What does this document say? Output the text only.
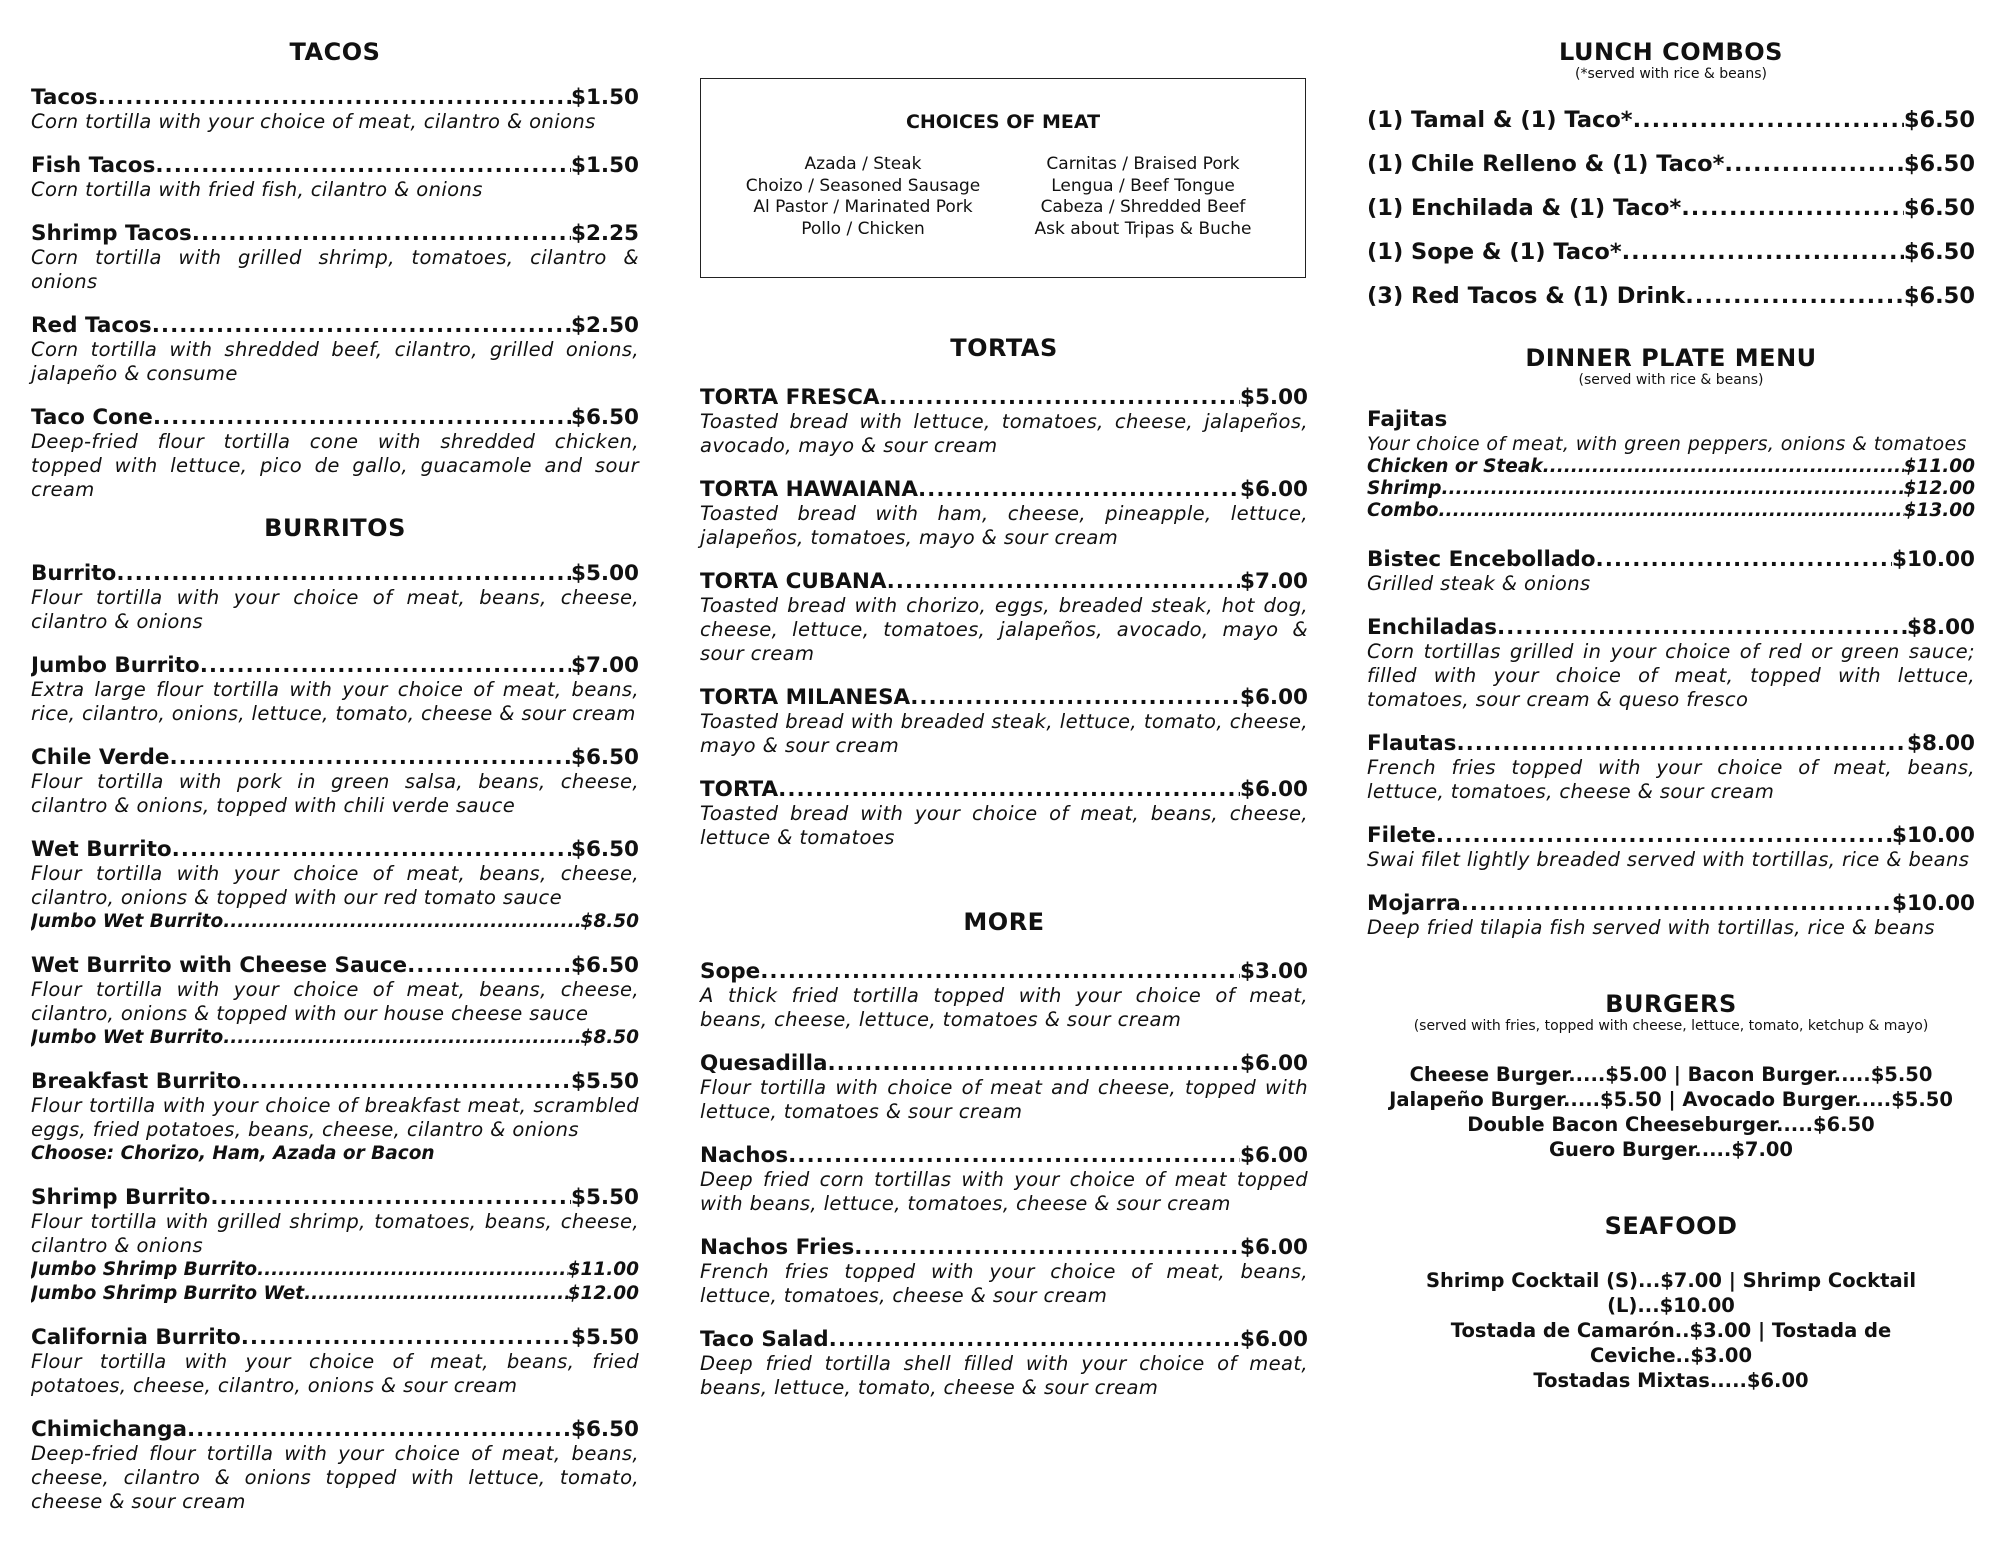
TACOS
Tacos .....	$1.50
Corn tortilla with your choice of meat, cilantro & onions
Fish Tacos .....	$1.50
Corn tortilla with fried fish, cilantro & onions
Shrimp Tacos .....	$2.25
Corn tortilla with grilled shrimp, tomatoes, cilantro & onions
Red Tacos .....	$2.50
Corn tortilla with shredded beef, cilantro, grilled onions, jalapeño & consume
Taco Cone .....	$6.50
Deep-fried flour tortilla cone with shredded chicken, topped with lettuce, pico de gallo, guacamole and sour cream
BURRITOS
Burrito .....	$5.00
Flour tortilla with your choice of meat, beans, cheese, cilantro & onions
Jumbo Burrito .....	$7.00
Extra large flour tortilla with your choice of meat, beans, rice, cilantro, onions, lettuce, tomato, cheese & sour cream
Chile Verde .....	$6.50
Flour tortilla with pork in green salsa, beans, cheese, cilantro & onions, topped with chili verde sauce
Wet Burrito .....	$6.50
Flour tortilla with your choice of meat, beans, cheese, cilantro, onions & topped with our red tomato sauce
Jumbo Wet Burrito .....	$8.50
Wet Burrito with Cheese Sauce .....	$6.50
Flour tortilla with your choice of meat, beans, cheese, cilantro, onions & topped with our house cheese sauce
Jumbo Wet Burrito .....	$8.50
Breakfast Burrito .....	$5.50
Flour tortilla with your choice of breakfast meat, scrambled eggs, fried potatoes, beans, cheese, cilantro & onions
Choose: Chorizo, Ham, Azada or Bacon
Shrimp Burrito .....	$5.50
Flour tortilla with grilled shrimp, tomatoes, beans, cheese, cilantro & onions
Jumbo Shrimp Burrito .....	$11.00
Jumbo Shrimp Burrito Wet .....	$12.00
California Burrito .....	$5.50
Flour tortilla with your choice of meat, beans, fried potatoes, cheese, cilantro, onions & sour cream
Chimichanga .....	$6.50
Deep-fried flour tortilla with your choice of meat, beans, cheese, cilantro & onions topped with lettuce, tomato, cheese & sour cream
CHOICES OF MEAT
Azada / Steak
Choizo / Seasoned Sausage
Al Pastor / Marinated Pork
Pollo / Chicken
Carnitas / Braised Pork
Lengua / Beef Tongue
Cabeza / Shredded Beef
Ask about Tripas & Buche
TORTAS
TORTA FRESCA .....	$5.00
Toasted bread with lettuce, tomatoes, cheese, jalapeños, avocado, mayo & sour cream
TORTA HAWAIANA .....	$6.00
Toasted bread with ham, cheese, pineapple, lettuce, jalapeños, tomatoes, mayo & sour cream
TORTA CUBANA .....	$7.00
Toasted bread with chorizo, eggs, breaded steak, hot dog, cheese, lettuce, tomatoes, jalapeños, avocado, mayo & sour cream
TORTA MILANESA .....	$6.00
Toasted bread with breaded steak, lettuce, tomato, cheese, mayo & sour cream
TORTA .....	$6.00
Toasted bread with your choice of meat, beans, cheese, lettuce & tomatoes
MORE
Sope .....	$3.00
A thick fried tortilla topped with your choice of meat, beans, cheese, lettuce, tomatoes & sour cream
Quesadilla .....	$6.00
Flour tortilla with choice of meat and cheese, topped with lettuce, tomatoes & sour cream
Nachos .....	$6.00
Deep fried corn tortillas with your choice of meat topped with beans, lettuce, tomatoes, cheese & sour cream
Nachos Fries .....	$6.00
French fries topped with your choice of meat, beans, lettuce, tomatoes, cheese & sour cream
Taco Salad .....	$6.00
Deep fried tortilla shell filled with your choice of meat, beans, lettuce, tomato, cheese & sour cream
LUNCH COMBOS
(*served with rice & beans)
(1) Tamal & (1) Taco* .....	$6.50
(1) Chile Relleno & (1) Taco* .....	$6.50
(1) Enchilada & (1) Taco* .....	$6.50
(1) Sope & (1) Taco* .....	$6.50
(3) Red Tacos & (1) Drink .....	$6.50
DINNER PLATE MENU
(served with rice & beans)
Fajitas
Your choice of meat, with green peppers, onions & tomatoes
Chicken or Steak .....	$11.00
Shrimp .....	$12.00
Combo .....	$13.00
Bistec Encebollado .....	$10.00
Grilled steak & onions
Enchiladas .....	$8.00
Corn tortillas grilled in your choice of red or green sauce; filled with your choice of meat, topped with lettuce, tomatoes, sour cream & queso fresco
Flautas .....	$8.00
French fries topped with your choice of meat, beans, lettuce, tomatoes, cheese & sour cream
Filete .....	$10.00
Swai filet lightly breaded served with tortillas, rice & beans
Mojarra .....	$10.00
Deep fried tilapia fish served with tortillas, rice & beans
BURGERS
(served with fries, topped with cheese, lettuce, tomato, ketchup & mayo)
Cheese Burger.....$5.00 | Bacon Burger.....$5.50
Jalapeño Burger.....$5.50 | Avocado Burger.....$5.50
Double Bacon Cheeseburger.....$6.50
Guero Burger.....$7.00
SEAFOOD
Shrimp Cocktail (S)...$7.00 | Shrimp Cocktail (L)...$10.00
Tostada de Camarón..$3.00 | Tostada de Ceviche..$3.00
Tostadas Mixtas.....$6.00
